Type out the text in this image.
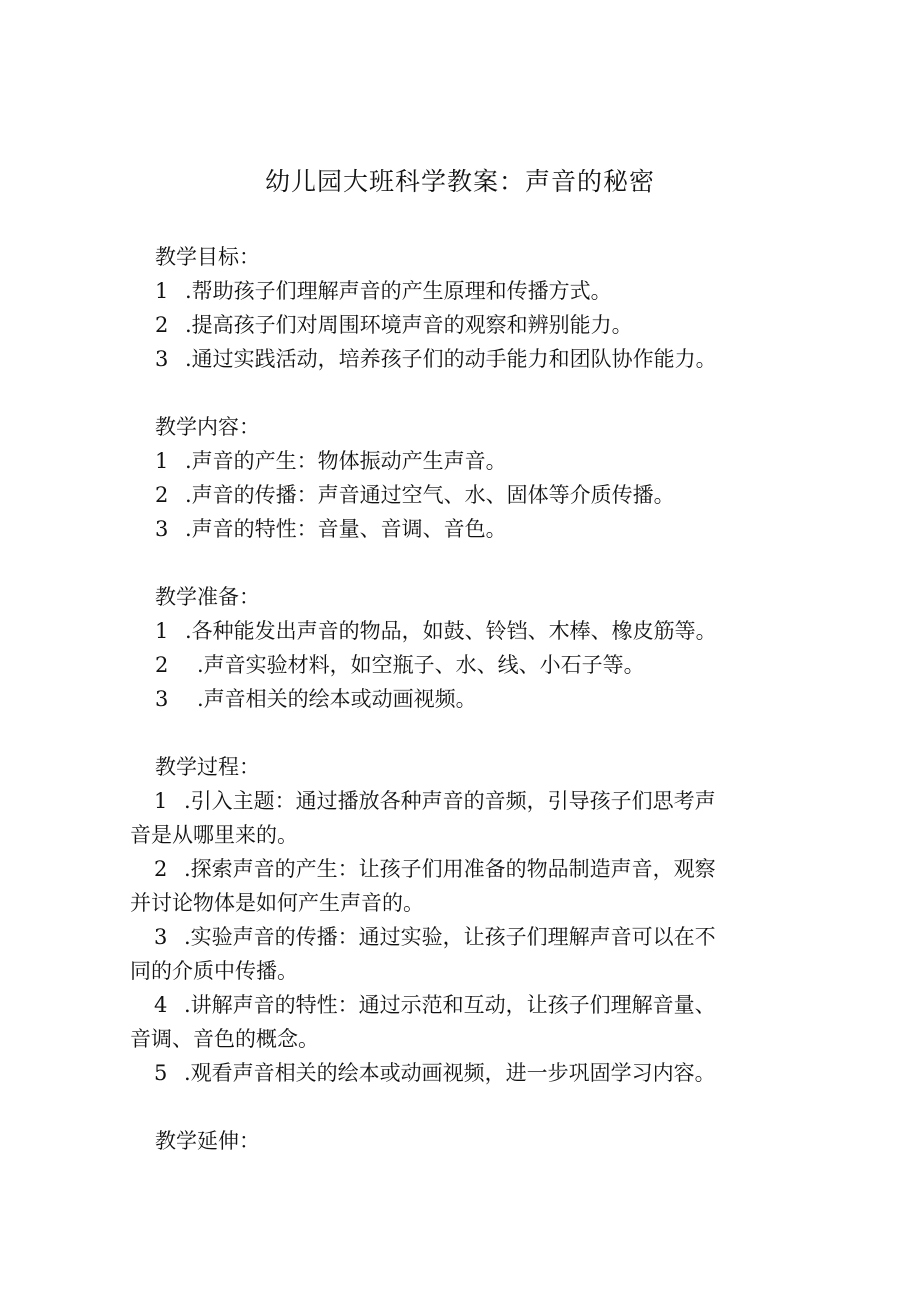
幼儿园大班科学教案：声音的秘密
教学目标：
1 .帮助孩子们理解声音的产生原理和传播方式。
2 .提高孩子们对周围环境声音的观察和辨别能力。
3 .通过实践活动，培养孩子们的动手能力和团队协作能力。
教学内容：
1 .声音的产生：物体振动产生声音。
2 .声音的传播：声音通过空气、水、固体等介质传播。
3 .声音的特性：音量、音调、音色。
教学准备：
1 .各种能发出声音的物品，如鼓、铃铛、木棒、橡皮筋等。
2 .声音实验材料，如空瓶子、水、线、小石子等。
3 .声音相关的绘本或动画视频。
教学过程：
1 .引入主题：通过播放各种声音的音频，引导孩子们思考声
音是从哪里来的。
2 .探索声音的产生：让孩子们用准备的物品制造声音，观察
并讨论物体是如何产生声音的。
3 .实验声音的传播：通过实验，让孩子们理解声音可以在不
同的介质中传播。
4 .讲解声音的特性：通过示范和互动，让孩子们理解音量、
音调、音色的概念。
5 .观看声音相关的绘本或动画视频，进一步巩固学习内容。
教学延伸：
